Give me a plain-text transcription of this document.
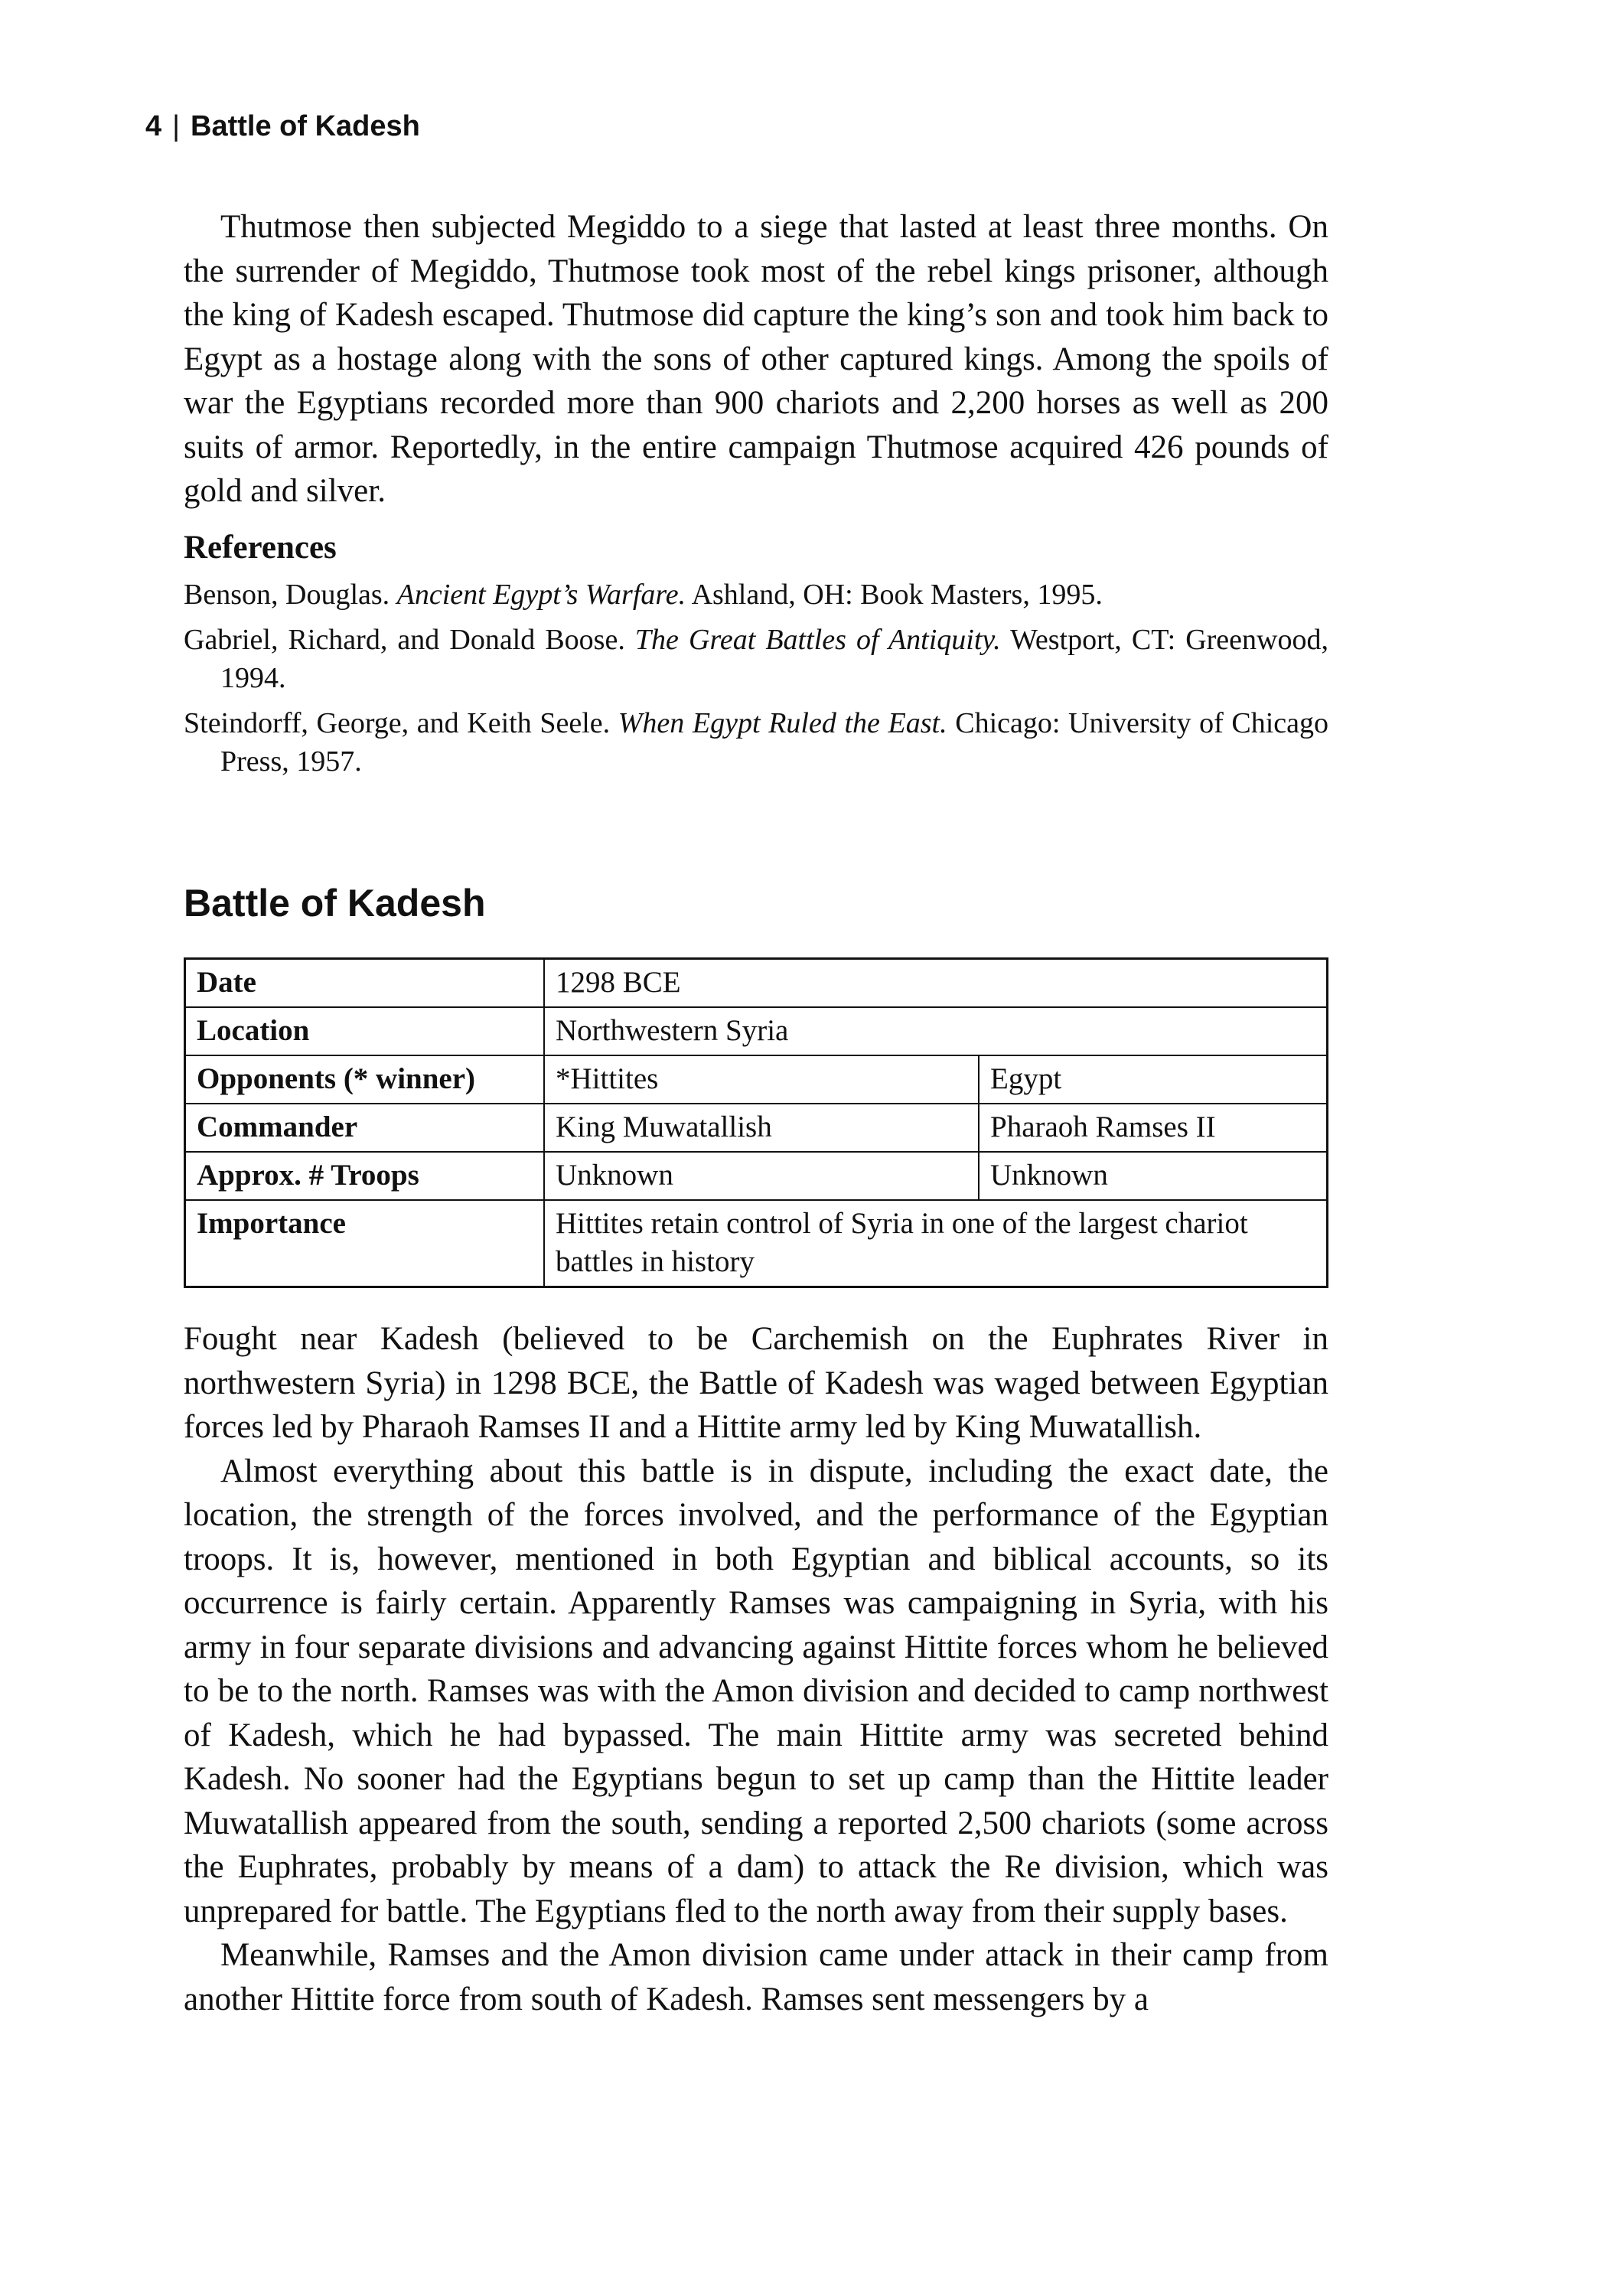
4 | Battle of Kadesh

Thutmose then subjected Megiddo to a siege that lasted at least three months. On the surrender of Megiddo, Thutmose took most of the rebel kings prisoner, although the king of Kadesh escaped. Thutmose did capture the king’s son and took him back to Egypt as a hostage along with the sons of other captured kings. Among the spoils of war the Egyptians recorded more than 900 chariots and 2,200 horses as well as 200 suits of armor. Reportedly, in the entire campaign Thutmose acquired 426 pounds of gold and silver.

References

Benson, Douglas. Ancient Egypt’s Warfare. Ashland, OH: Book Masters, 1995.

Gabriel, Richard, and Donald Boose. The Great Battles of Antiquity. Westport, CT: Greenwood, 1994.

Steindorff, George, and Keith Seele. When Egypt Ruled the East. Chicago: University of Chicago Press, 1957.

Battle of Kadesh
Date	1298 BCE	
Location	Northwestern Syria	
Opponents (* winner)	*Hittites	Egypt
Commander	King Muwatallish	Pharaoh Ramses II
Approx. # Troops	Unknown	Unknown
Importance	Hittites retain control of Syria in one of the largest chariot battles in history	

Fought near Kadesh (believed to be Carchemish on the Euphrates River in northwestern Syria) in 1298 BCE, the Battle of Kadesh was waged between Egyptian forces led by Pharaoh Ramses II and a Hittite army led by King Muwatallish.

Almost everything about this battle is in dispute, including the exact date, the location, the strength of the forces involved, and the performance of the Egyptian troops. It is, however, mentioned in both Egyptian and biblical accounts, so its occurrence is fairly certain. Apparently Ramses was campaigning in Syria, with his army in four separate divisions and advancing against Hittite forces whom he believed to be to the north. Ramses was with the Amon division and decided to camp northwest of Kadesh, which he had bypassed. The main Hittite army was secreted behind Kadesh. No sooner had the Egyptians begun to set up camp than the Hittite leader Muwatallish appeared from the south, sending a reported 2,500 chariots (some across the Euphrates, probably by means of a dam) to attack the Re division, which was unprepared for battle. The Egyptians fled to the north away from their supply bases.

Meanwhile, Ramses and the Amon division came under attack in their camp from another Hittite force from south of Kadesh. Ramses sent messengers by a
